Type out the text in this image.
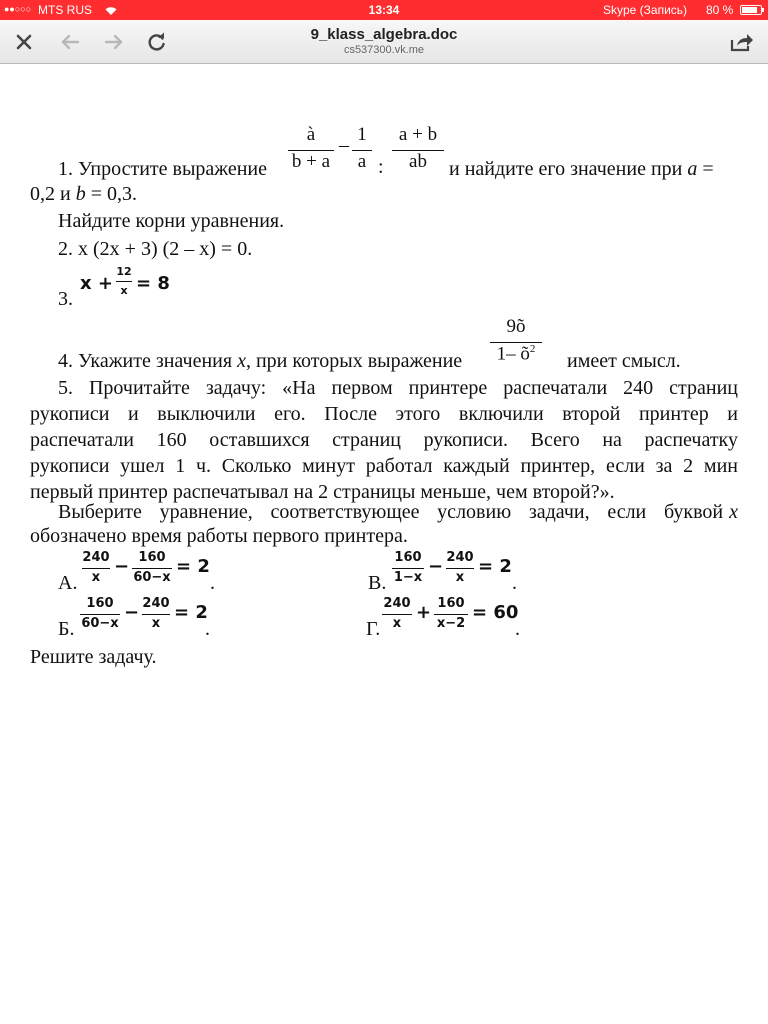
●●○○○ MTS RUS	13:34	Skype (Запись) 80 %
9_klass_algebra.doc
cs537300.vk.me
à
b + a
– 1
a :
a + b
ab
1. Упростите выражение	и найдите его значение при a =
0,2 и b = 0,3.
Найдите корни уравнения.
2. x (2x + 3) (2 – x) = 0.
x +
12
x = 8
3.
9õ
1– $õ^2$
4. Укажите значения x, при которых выражение	имеет смысл.
5. Прочитайте задачу: «На первом принтере распечатали 240 страниц
рукописи и выключили его. После этого включили второй принтер и
распечатали 160 оставшихся страниц рукописи. Всего на распечатку
рукописи ушел 1 ч. Сколько минут работал каждый принтер, если за 2 мин
первый принтер распечатывал на 2 страницы меньше, чем второй?».
Выберите уравнение, соответствующее условию задачи, если буквой x
обозначено время работы первого принтера.
А.
240
x
− 160
60−x
= 2
.	В.
160
1−x
− 240
x
= 2
.
Б.
160
60−x
− 240
x
= 2
.	Г.
240
x
+ 160
x−2
= 60
.
Решите задачу.
